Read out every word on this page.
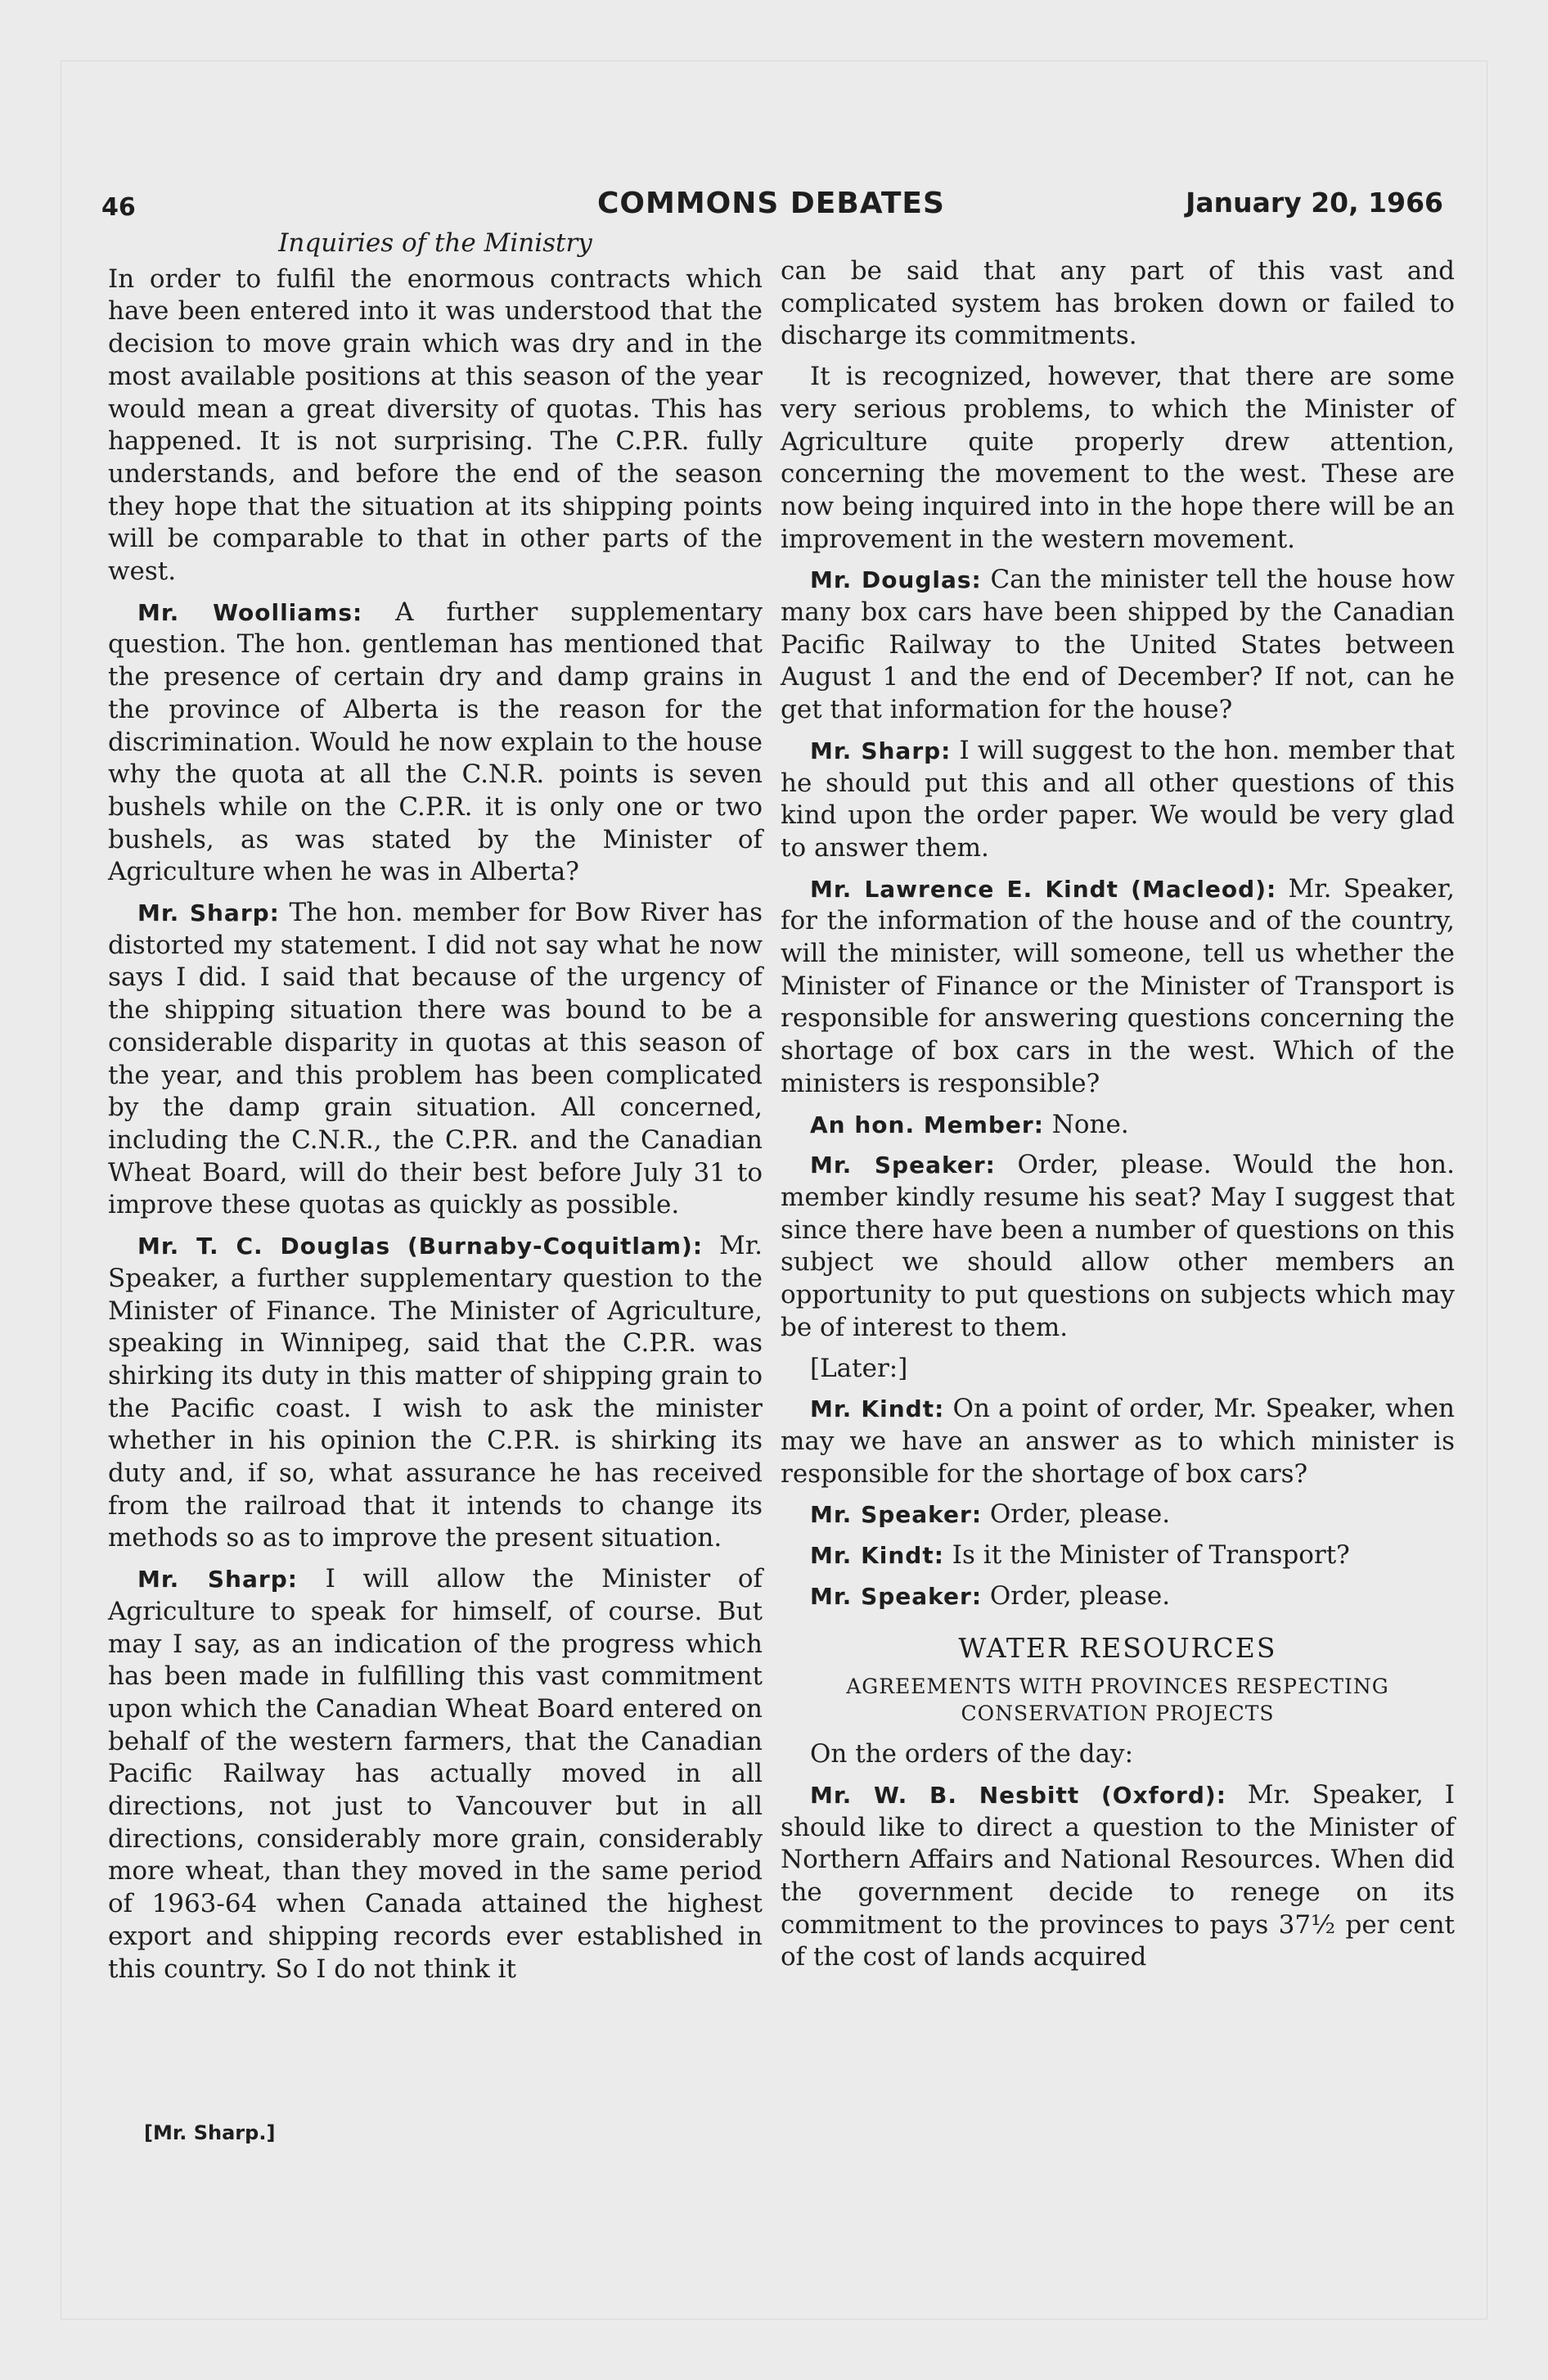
46	COMMONS DEBATES	January 20, 1966
Inquiries of the Ministry

In order to fulfil the enormous contracts which have been entered into it was understood that the decision to move grain which was dry and in the most available positions at this season of the year would mean a great diversity of quotas. This has happened. It is not surprising. The C.P.R. fully understands, and before the end of the season they hope that the situation at its shipping points will be comparable to that in other parts of the west.

Mr. Woolliams: A further supplementary question. The hon. gentleman has mentioned that the presence of certain dry and damp grains in the province of Alberta is the reason for the discrimination. Would he now explain to the house why the quota at all the C.N.R. points is seven bushels while on the C.P.R. it is only one or two bushels, as was stated by the Minister of Agriculture when he was in Alberta?

Mr. Sharp: The hon. member for Bow River has distorted my statement. I did not say what he now says I did. I said that because of the urgency of the shipping situation there was bound to be a considerable disparity in quotas at this season of the year, and this problem has been complicated by the damp grain situation. All concerned, including the C.N.R., the C.P.R. and the Canadian Wheat Board, will do their best before July 31 to improve these quotas as quickly as possible.

Mr. T. C. Douglas (Burnaby-Coquitlam): Mr. Speaker, a further supplementary question to the Minister of Finance. The Minister of Agriculture, speaking in Winnipeg, said that the C.P.R. was shirking its duty in this matter of shipping grain to the Pacific coast. I wish to ask the minister whether in his opinion the C.P.R. is shirking its duty and, if so, what assurance he has received from the railroad that it intends to change its methods so as to improve the present situation.

Mr. Sharp: I will allow the Minister of Agriculture to speak for himself, of course. But may I say, as an indication of the progress which has been made in fulfilling this vast commitment upon which the Canadian Wheat Board entered on behalf of the western farmers, that the Canadian Pacific Railway has actually moved in all directions, not just to Vancouver but in all directions, considerably more grain, considerably more wheat, than they moved in the same period of 1963-64 when Canada attained the highest export and shipping records ever established in this country. So I do not think it

can be said that any part of this vast and complicated system has broken down or failed to discharge its commitments.

It is recognized, however, that there are some very serious problems, to which the Minister of Agriculture quite properly drew attention, concerning the movement to the west. These are now being inquired into in the hope there will be an improvement in the western movement.

Mr. Douglas: Can the minister tell the house how many box cars have been shipped by the Canadian Pacific Railway to the United States between August 1 and the end of December? If not, can he get that information for the house?

Mr. Sharp: I will suggest to the hon. member that he should put this and all other questions of this kind upon the order paper. We would be very glad to answer them.

Mr. Lawrence E. Kindt (Macleod): Mr. Speaker, for the information of the house and of the country, will the minister, will someone, tell us whether the Minister of Finance or the Minister of Transport is responsible for answering questions concerning the shortage of box cars in the west. Which of the ministers is responsible?

An hon. Member: None.

Mr. Speaker: Order, please. Would the hon. member kindly resume his seat? May I suggest that since there have been a number of questions on this subject we should allow other members an opportunity to put questions on subjects which may be of interest to them.

[Later:]

Mr. Kindt: On a point of order, Mr. Speaker, when may we have an answer as to which minister is responsible for the shortage of box cars?

Mr. Speaker: Order, please.

Mr. Kindt: Is it the Minister of Transport?

Mr. Speaker: Order, please.

WATER RESOURCES
AGREEMENTS WITH PROVINCES RESPECTING CONSERVATION PROJECTS

On the orders of the day:

Mr. W. B. Nesbitt (Oxford): Mr. Speaker, I should like to direct a question to the Minister of Northern Affairs and National Resources. When did the government decide to renege on its commitment to the provinces to pays 37½ per cent of the cost of lands acquired

[Mr. Sharp.]
